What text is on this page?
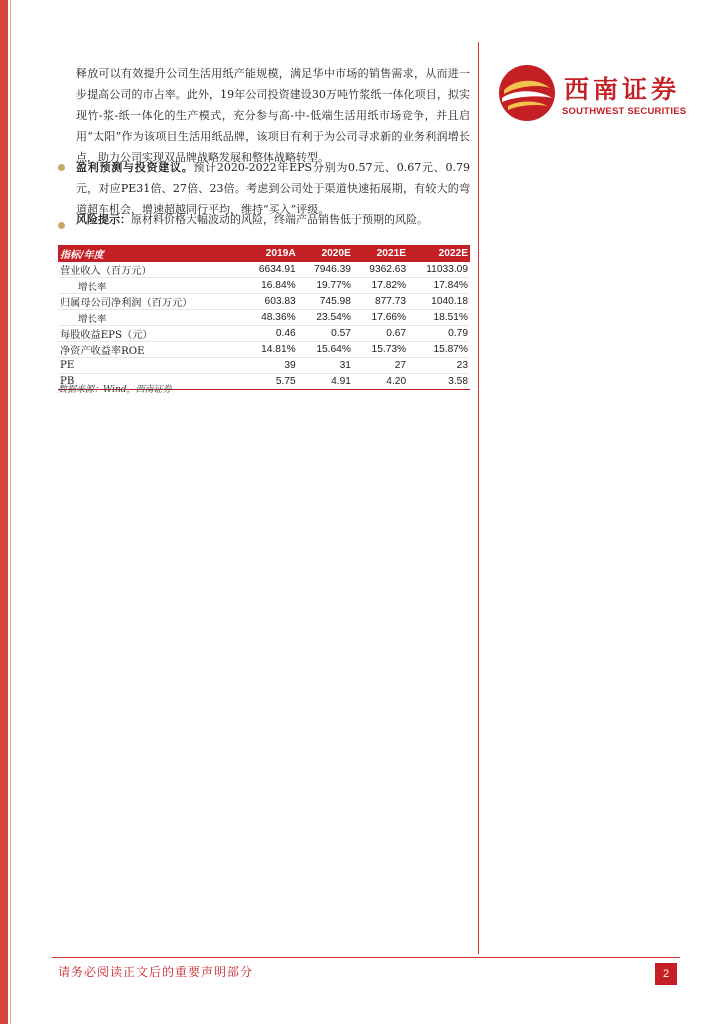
西南证券
SOUTHWEST SECURITIES

释放可以有效提升公司生活用纸产能规模，满足华中市场的销售需求，从而进一步提高公司的市占率。此外，19年公司投资建设30万吨竹浆纸一体化项目，拟实现竹-浆-纸一体化的生产模式，充分参与高-中-低端生活用纸市场竞争，并且启用“太阳”作为该项目生活用纸品牌，该项目有利于为公司寻求新的业务利润增长点，助力公司实现双品牌战略发展和整体战略转型。

盈利预测与投资建议。预计2020-2022年EPS分别为0.57元、0.67元、0.79元，对应PE31倍、27倍、23倍。考虑到公司处于渠道快速拓展期，有较大的弯道超车机会，增速超越同行平均，维持“买入”评级。

风险提示：原材料价格大幅波动的风险，终端产品销售低于预期的风险。

指标/年度	2019A	2020E	2021E	2022E
营业收入（百万元）	6634.91	7946.39	9362.63	11033.09
增长率	16.84%	19.77%	17.82%	17.84%
归属母公司净利润（百万元）	603.83	745.98	877.73	1040.18
增长率	48.36%	23.54%	17.66%	18.51%
每股收益EPS（元）	0.46	0.57	0.67	0.79
净资产收益率ROE	14.81%	15.64%	15.73%	15.87%
PE	39	31	27	23
PB	5.75	4.91	4.20	3.58
数据来源：Wind，西南证券
请务必阅读正文后的重要声明部分	2
